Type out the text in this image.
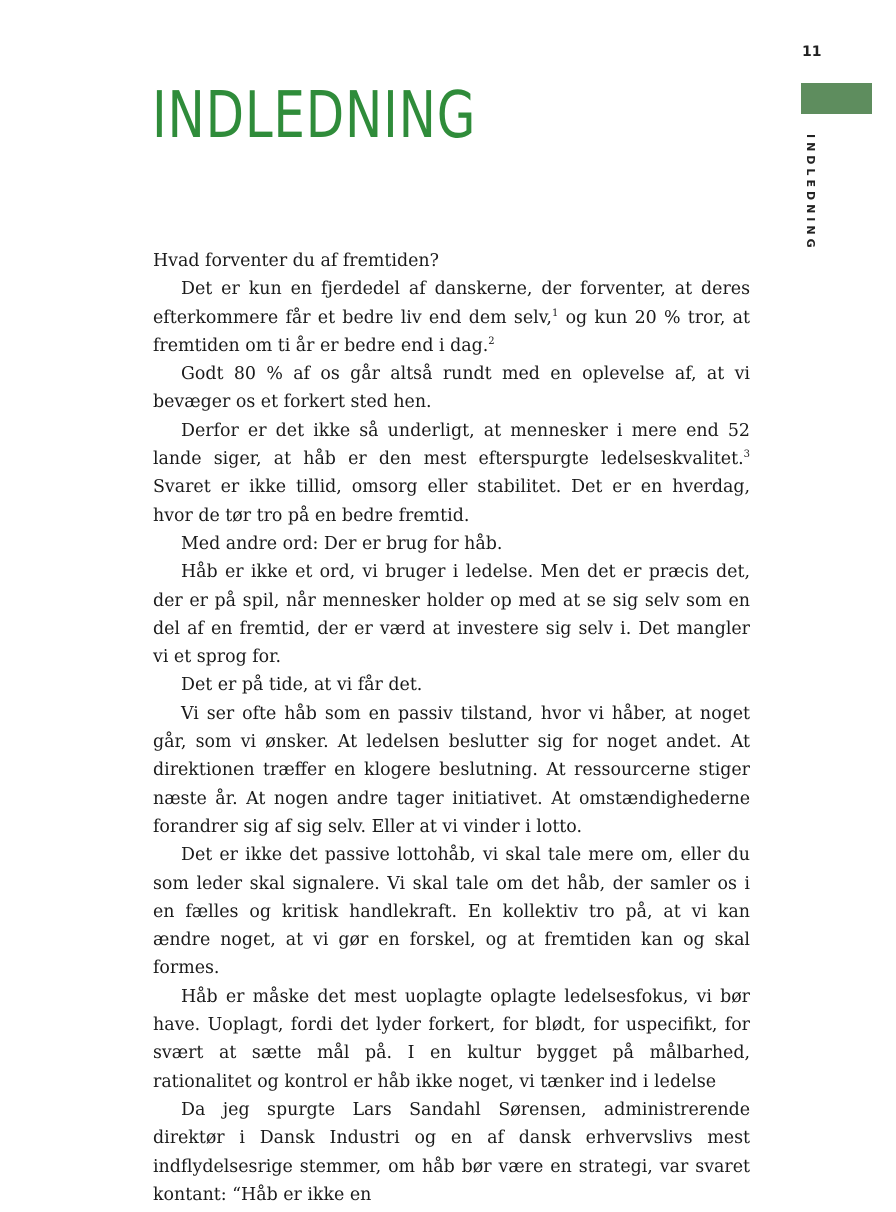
11
INDLEDNING
INDLEDNING

Hvad forventer du af fremtiden?

Det er kun en fjerdedel af danskerne, der forventer, at deres efterkommere får et bedre liv end dem selv,$^1$ og kun 20 % tror, at fremtiden om ti år er bedre end i dag.$^2$

Godt 80 % af os går altså rundt med en oplevelse af, at vi bevæger os et forkert sted hen.

Derfor er det ikke så underligt, at mennesker i mere end 52 lande siger, at håb er den mest efterspurgte ledelseskvalitet.$^3$ Svaret er ikke tillid, omsorg eller stabilitet. Det er en hverdag, hvor de tør tro på en bedre fremtid.

Med andre ord: Der er brug for håb.

Håb er ikke et ord, vi bruger i ledelse. Men det er præcis det, der er på spil, når mennesker holder op med at se sig selv som en del af en fremtid, der er værd at investere sig selv i. Det mangler vi et sprog for.

Det er på tide, at vi får det.

Vi ser ofte håb som en passiv tilstand, hvor vi håber, at noget går, som vi ønsker. At ledelsen beslutter sig for noget andet. At direktionen træffer en klogere beslutning. At ressourcerne stiger næste år. At nogen andre tager initiativet. At omstændighederne forandrer sig af sig selv. Eller at vi vinder i lotto.

Det er ikke det passive lottohåb, vi skal tale mere om, eller du som leder skal signalere. Vi skal tale om det håb, der samler os i en fælles og kritisk handlekraft. En kollektiv tro på, at vi kan ændre noget, at vi gør en forskel, og at fremtiden kan og skal formes.

Håb er måske det mest uoplagte oplagte ledelsesfokus, vi bør have. Uoplagt, fordi det lyder forkert, for blødt, for uspecifikt, for svært at sætte mål på. I en kultur bygget på målbarhed, rationalitet og kontrol er håb ikke noget, vi tænker ind i ledelse

Da jeg spurgte Lars Sandahl Sørensen, administrerende direktør i Dansk Industri og en af dansk erhvervslivs mest indflydelsesrige stemmer, om håb bør være en strategi, var svaret kontant: “Håb er ikke en
